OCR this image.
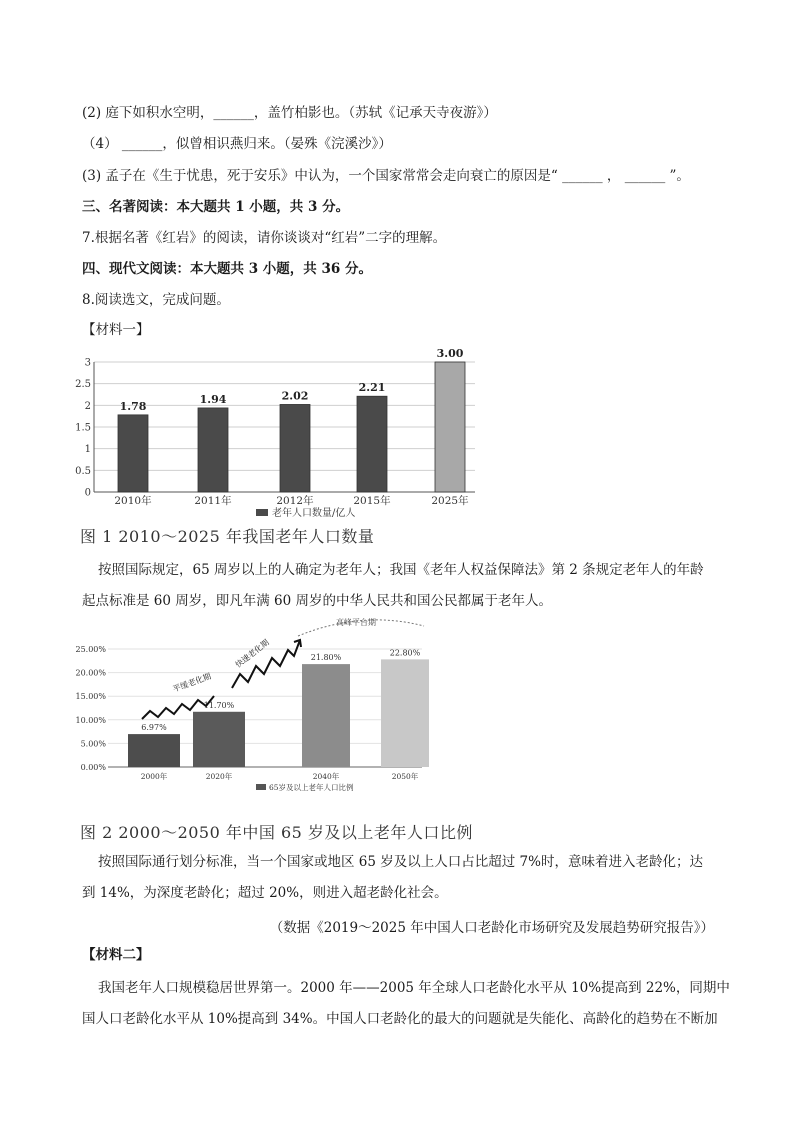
(2) 庭下如积水空明，______，盖竹柏影也。（苏轼《记承天寺夜游》）
（4） ______，似曾相识燕归来。（晏殊《浣溪沙》）
(3) 孟子在《生于忧患，死于安乐》中认为，一个国家常常会走向衰亡的原因是“ ______ ， ______ ”。
三、名著阅读：本大题共 1 小题，共 3 分。
7.根据名著《红岩》的阅读，请你谈谈对“红岩”二字的理解。
四、现代文阅读：本大题共 3 小题，共 36 分。
8.阅读选文，完成问题。
【材料一】
0
0.5
1
1.5
2
2.5
3
1.78
2010年
1.94
2011年
2.02
2012年
2.21
2015年
3.00
2025年
老年人口数量/亿人
图 1 2010～2025 年我国老年人口数量
按照国际规定，65 周岁以上的人确定为老年人；我国《老年人权益保障法》第 2 条规定老年人的年龄
起点标准是 60 周岁，即凡年满 60 周岁的中华人民共和国公民都属于老年人。
0.00%
5.00%
10.00%
15.00%
20.00%
25.00%
6.97%
2000年
11.70%
2020年
21.80%
2040年
22.80%
2050年
平缓老化期
快速老化期
高峰平台期
65岁及以上老年人口比例
图 2 2000～2050 年中国 65 岁及以上老年人口比例
按照国际通行划分标准，当一个国家或地区 65 岁及以上人口占比超过 7%时，意味着进入老龄化；达
到 14%，为深度老龄化；超过 20%，则进入超老龄化社会。
（数据《2019～2025 年中国人口老龄化市场研究及发展趋势研究报告》）
【材料二】
我国老年人口规模稳居世界第一。2000 年——2005 年全球人口老龄化水平从 10%提高到 22%，同期中
国人口老龄化水平从 10%提高到 34%。中国人口老龄化的最大的问题就是失能化、高龄化的趋势在不断加
